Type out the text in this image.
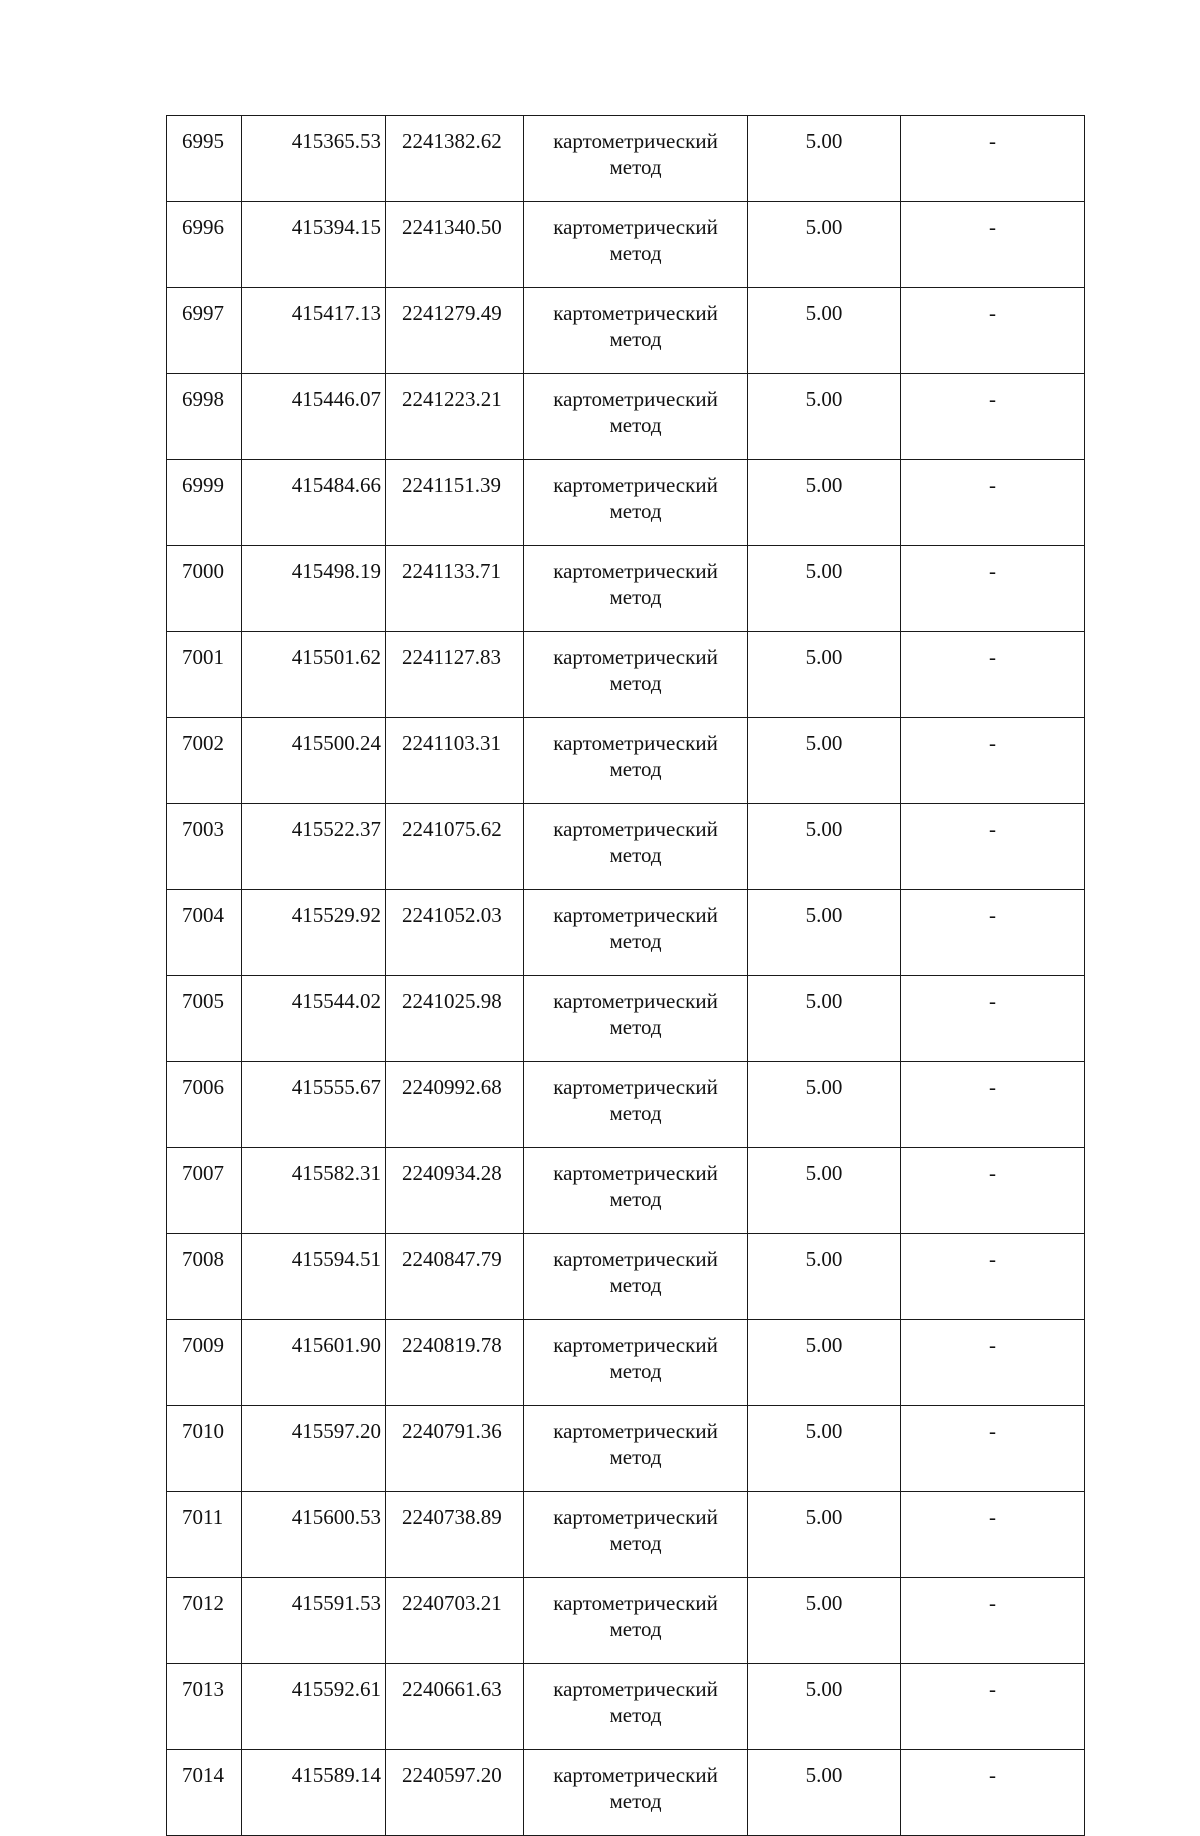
6995	415365.53	2241382.62	картометрический метод	5.00	-
6996	415394.15	2241340.50	картометрический метод	5.00	-
6997	415417.13	2241279.49	картометрический метод	5.00	-
6998	415446.07	2241223.21	картометрический метод	5.00	-
6999	415484.66	2241151.39	картометрический метод	5.00	-
7000	415498.19	2241133.71	картометрический метод	5.00	-
7001	415501.62	2241127.83	картометрический метод	5.00	-
7002	415500.24	2241103.31	картометрический метод	5.00	-
7003	415522.37	2241075.62	картометрический метод	5.00	-
7004	415529.92	2241052.03	картометрический метод	5.00	-
7005	415544.02	2241025.98	картометрический метод	5.00	-
7006	415555.67	2240992.68	картометрический метод	5.00	-
7007	415582.31	2240934.28	картометрический метод	5.00	-
7008	415594.51	2240847.79	картометрический метод	5.00	-
7009	415601.90	2240819.78	картометрический метод	5.00	-
7010	415597.20	2240791.36	картометрический метод	5.00	-
7011	415600.53	2240738.89	картометрический метод	5.00	-
7012	415591.53	2240703.21	картометрический метод	5.00	-
7013	415592.61	2240661.63	картометрический метод	5.00	-
7014	415589.14	2240597.20	картометрический метод	5.00	-
